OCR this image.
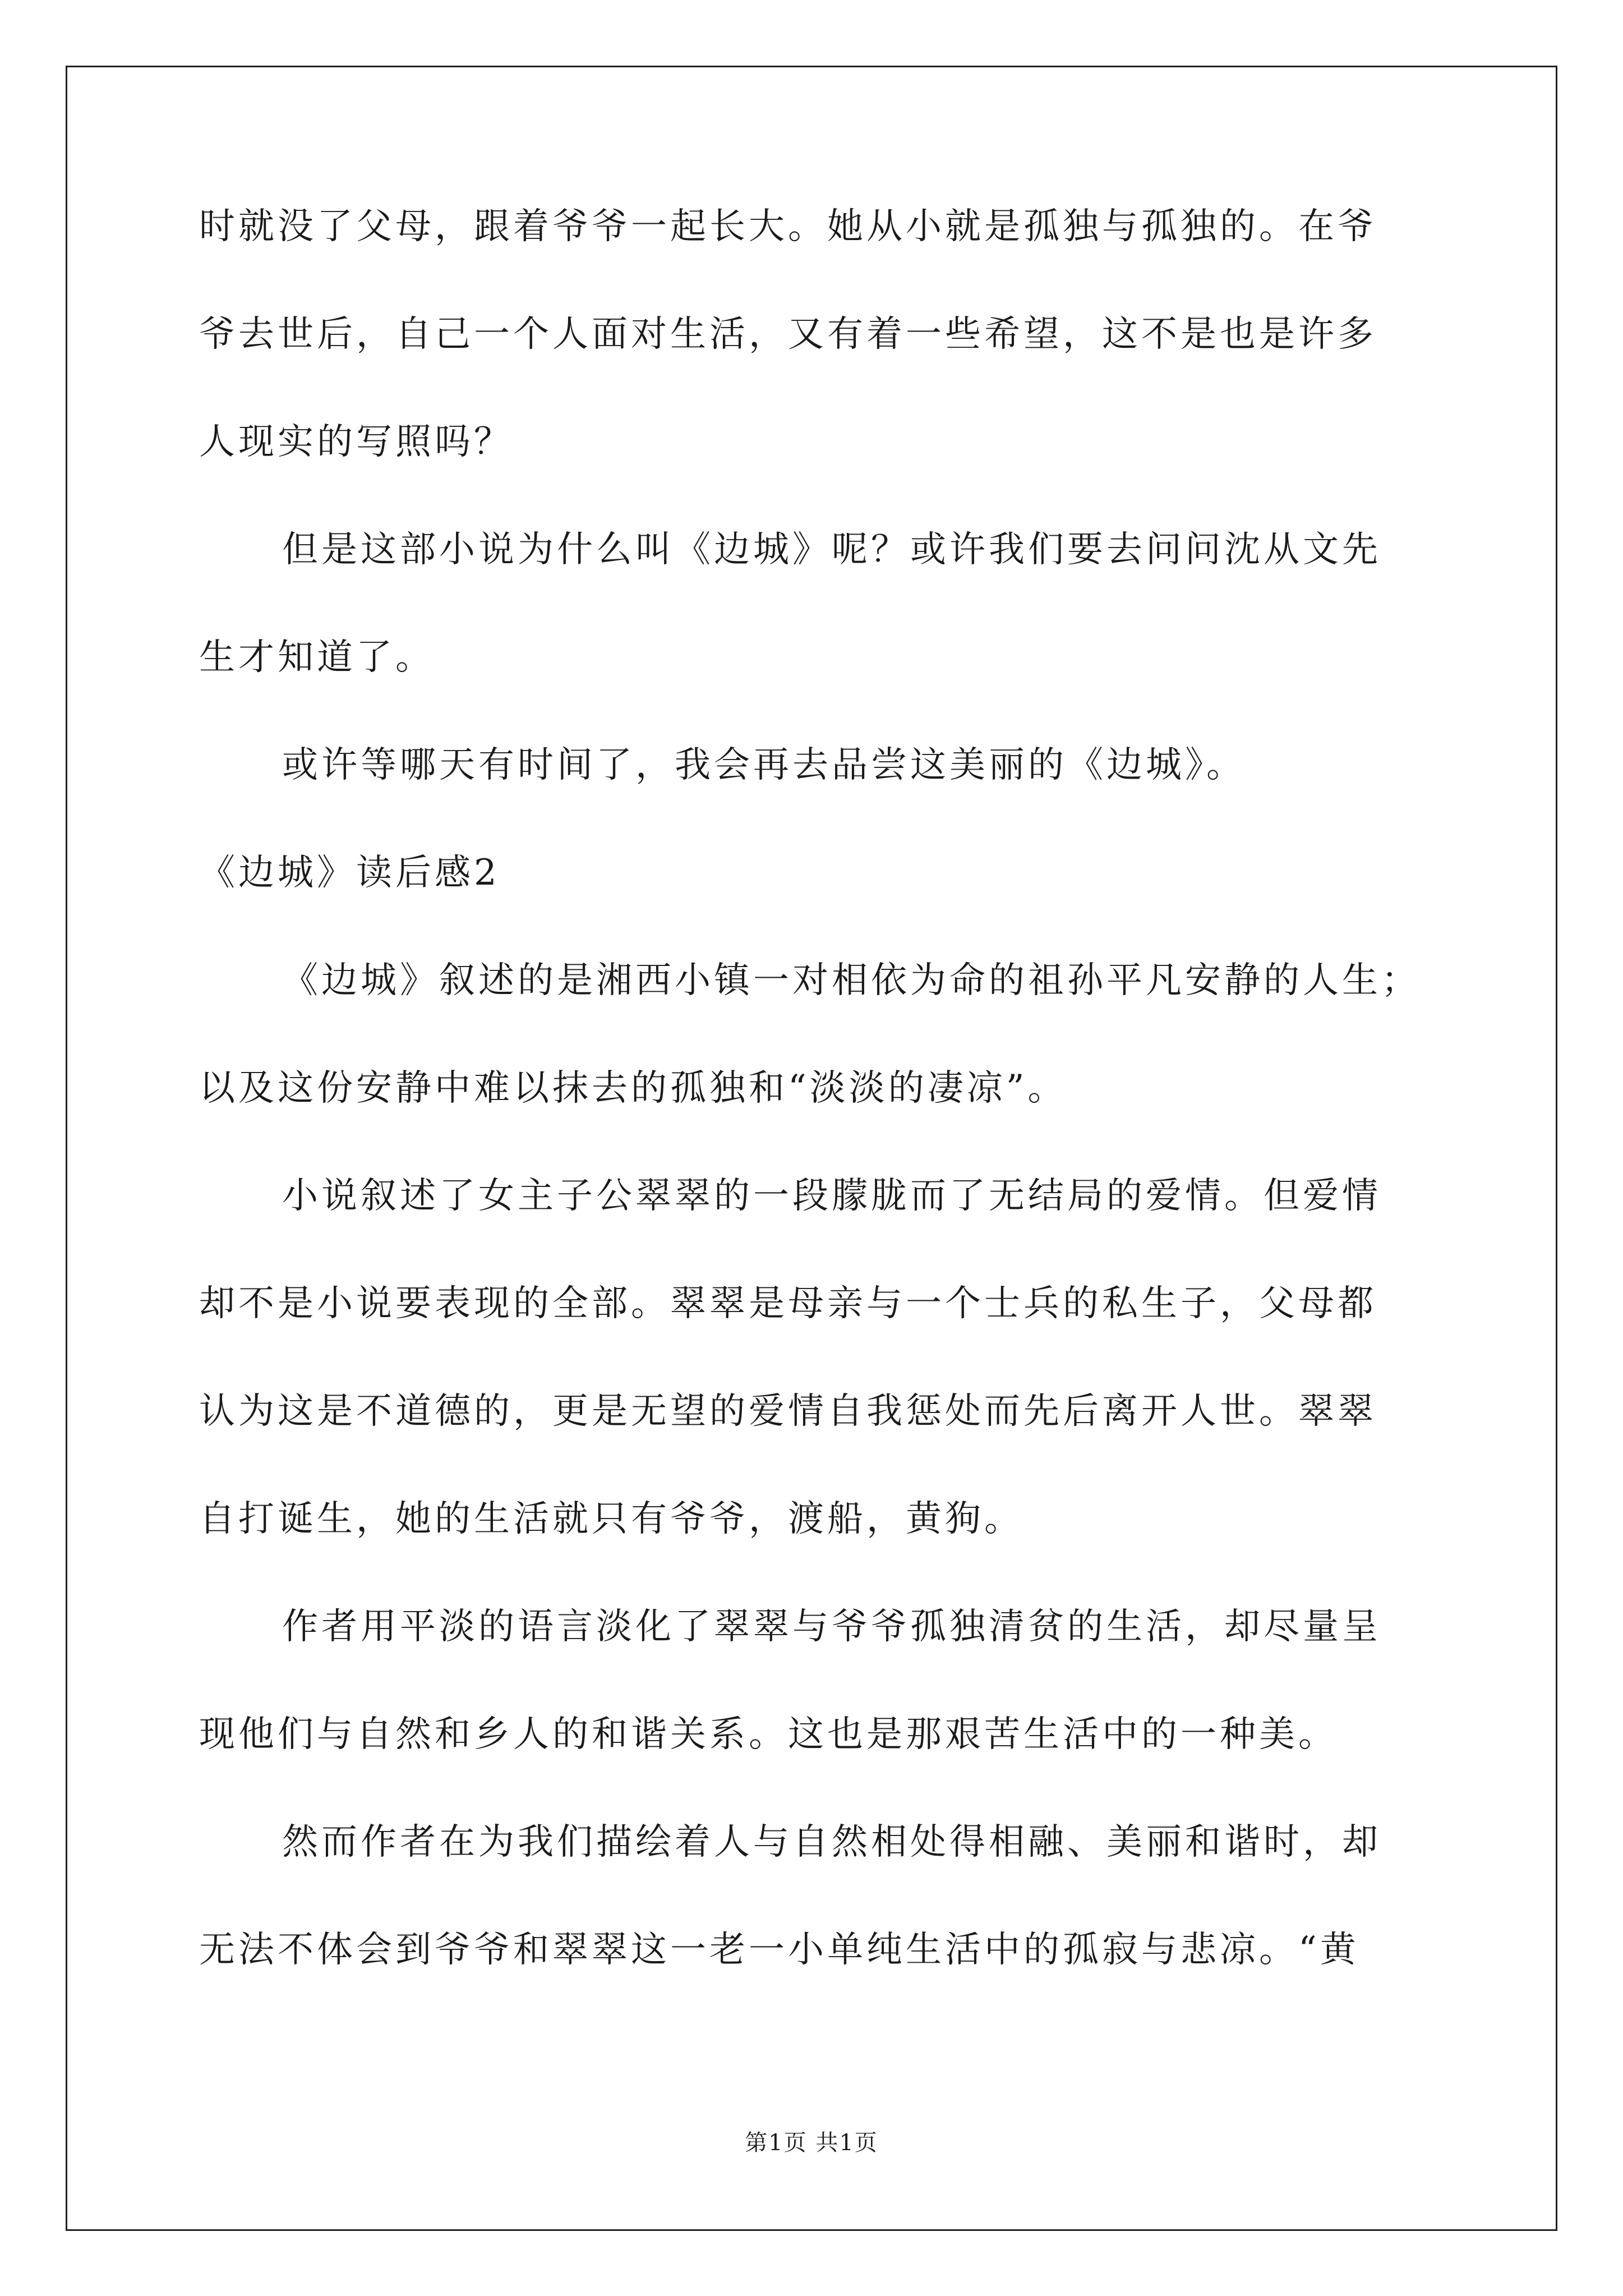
时就没了父母，跟着爷爷一起长大。她从小就是孤独与孤独的。在爷
爷去世后，自己一个人面对生活，又有着一些希望，这不是也是许多
人现实的写照吗？
但是这部小说为什么叫《边城》呢？或许我们要去问问沈从文先
生才知道了。
或许等哪天有时间了，我会再去品尝这美丽的《边城》。
《边城》读后感2
《边城》叙述的是湘西小镇一对相依为命的祖孙平凡安静的人生；
以及这份安静中难以抹去的孤独和“淡淡的凄凉”。
小说叙述了女主子公翠翠的一段朦胧而了无结局的爱情。但爱情
却不是小说要表现的全部。翠翠是母亲与一个士兵的私生子，父母都
认为这是不道德的，更是无望的爱情自我惩处而先后离开人世。翠翠
自打诞生，她的生活就只有爷爷，渡船，黄狗。
作者用平淡的语言淡化了翠翠与爷爷孤独清贫的生活，却尽量呈
现他们与自然和乡人的和谐关系。这也是那艰苦生活中的一种美。
然而作者在为我们描绘着人与自然相处得相融、美丽和谐时，却
无法不体会到爷爷和翠翠这一老一小单纯生活中的孤寂与悲凉。“黄
第1页 共1页
